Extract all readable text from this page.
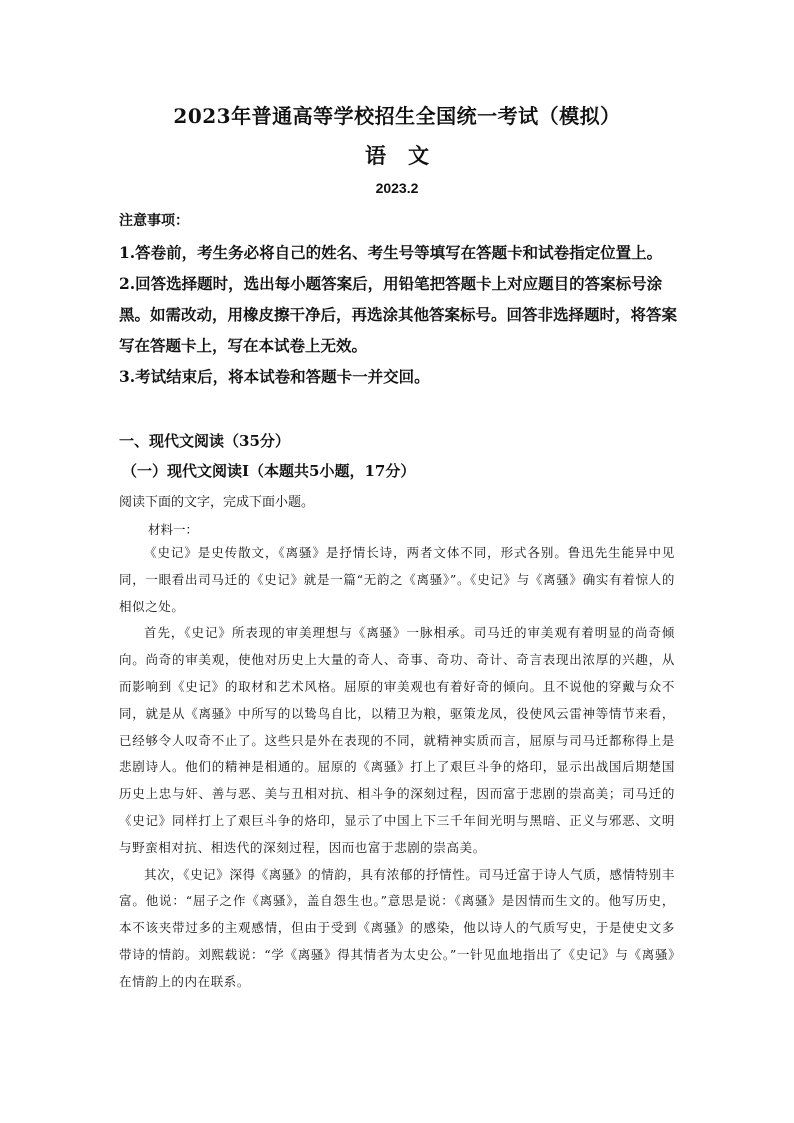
2023年普通高等学校招生全国统一考试（模拟）
语文
2023.2

注意事项：

1.答卷前，考生务必将自己的姓名、考生号等填写在答题卡和试卷指定位置上。

2.回答选择题时，选出每小题答案后，用铅笔把答题卡上对应题目的答案标号涂黑。如需改动，用橡皮擦干净后，再选涂其他答案标号。回答非选择题时，将答案写在答题卡上，写在本试卷上无效。

3.考试结束后，将本试卷和答题卡一并交回。

一、现代文阅读（35分）
（一）现代文阅读Ⅰ（本题共5小题，17分）
阅读下面的文字，完成下面小题。
材料一：

《史记》是史传散文，《离骚》是抒情长诗，两者文体不同，形式各别。鲁迅先生能异中见同，一眼看出司马迁的《史记》就是一篇“无韵之《离骚》”。《史记》与《离骚》确实有着惊人的相似之处。

首先，《史记》所表现的审美理想与《离骚》一脉相承。司马迁的审美观有着明显的尚奇倾向。尚奇的审美观，使他对历史上大量的奇人、奇事、奇功、奇计、奇言表现出浓厚的兴趣，从而影响到《史记》的取材和艺术风格。屈原的审美观也有着好奇的倾向。且不说他的穿戴与众不同，就是从《离骚》中所写的以鸷鸟自比，以精卫为粮，驱策龙凤，役使风云雷神等情节来看，已经够令人叹奇不止了。这些只是外在表现的不同，就精神实质而言，屈原与司马迁都称得上是悲剧诗人。他们的精神是相通的。屈原的《离骚》打上了艰巨斗争的烙印，显示出战国后期楚国历史上忠与奸、善与恶、美与丑相对抗、相斗争的深刻过程，因而富于悲剧的崇高美；司马迁的《史记》同样打上了艰巨斗争的烙印，显示了中国上下三千年间光明与黑暗、正义与邪恶、文明与野蛮相对抗、相迭代的深刻过程，因而也富于悲剧的崇高美。

其次，《史记》深得《离骚》的情韵，具有浓郁的抒情性。司马迁富于诗人气质，感情特别丰富。他说：“屈子之作《离骚》，盖自怨生也。”意思是说：《离骚》是因情而生文的。他写历史，本不该夹带过多的主观感情，但由于受到《离骚》的感染，他以诗人的气质写史，于是使史文多带诗的情韵。刘熙载说：“学《离骚》得其情者为太史公。”一针见血地指出了《史记》与《离骚》在情韵上的内在联系。
